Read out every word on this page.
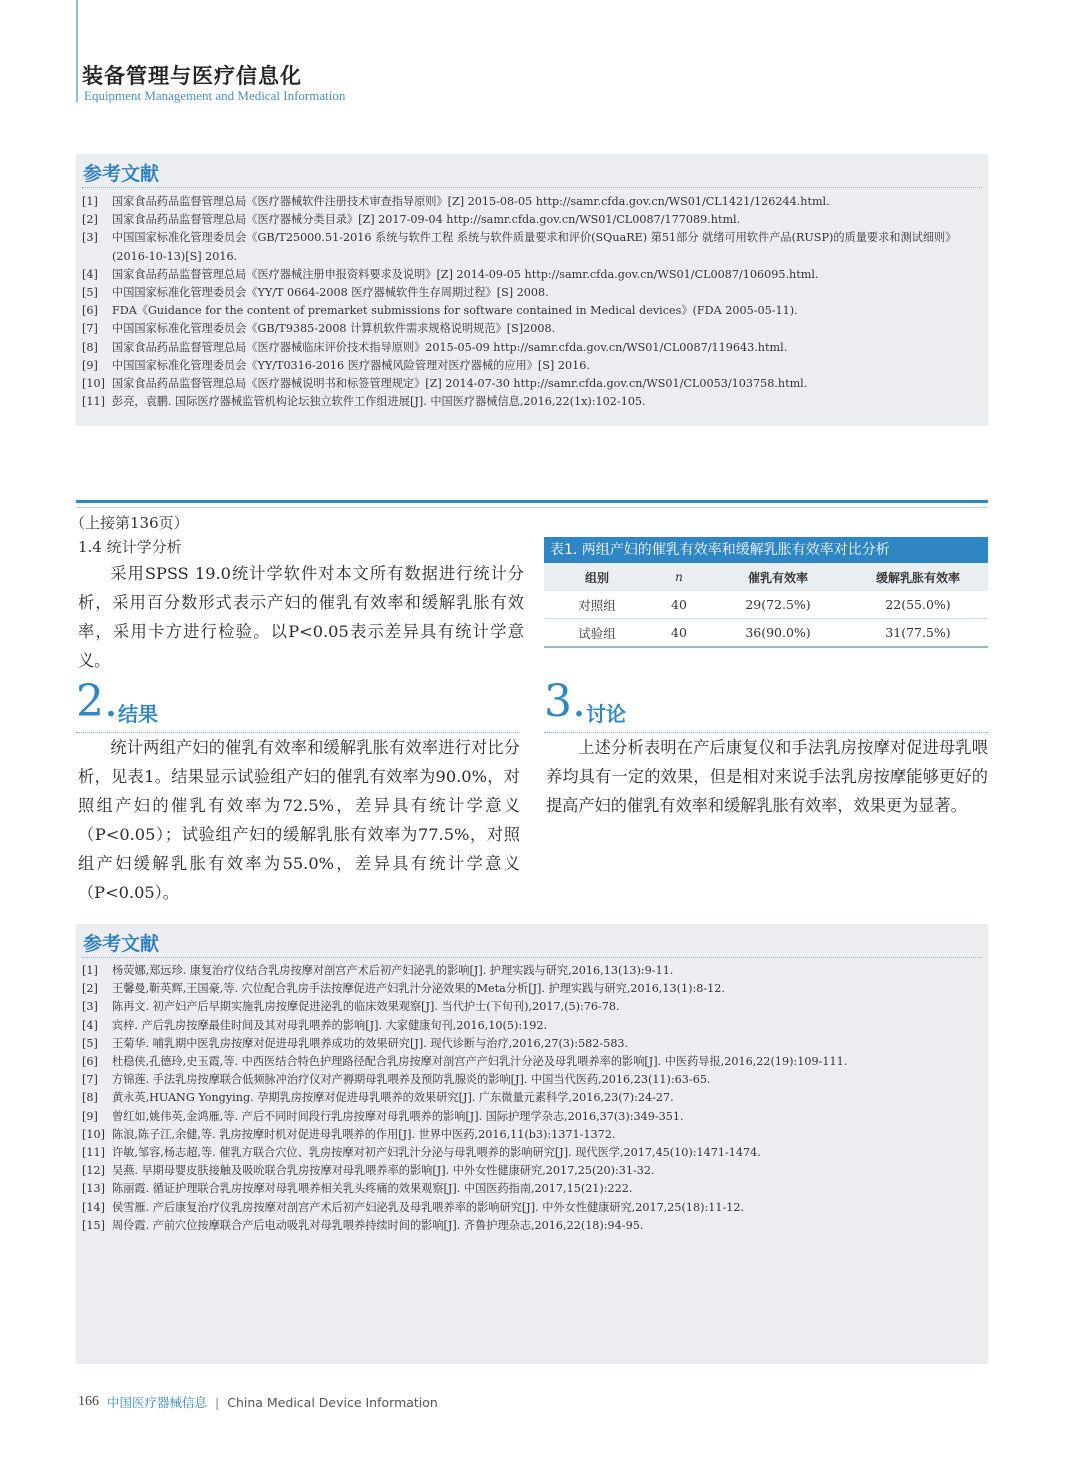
装备管理与医疗信息化
Equipment Management and Medical Information
参考文献
[1]	国家食品药品监督管理总局《医疗器械软件注册技术审查指导原则》[Z] 2015-08-05 http://samr.cfda.gov.cn/WS01/CL1421/126244.html.
[2]	国家食品药品监督管理总局《医疗器械分类目录》[Z] 2017-09-04 http://samr.cfda.gov.cn/WS01/CL0087/177089.html.
[3]	中国国家标准化管理委员会《GB/T25000.51-2016 系统与软件工程 系统与软件质量要求和评价(SQuaRE) 第51部分 就绪可用软件产品(RUSP)的质量要求和测试细则》(2016-10-13)[S] 2016.
[4]	国家食品药品监督管理总局《医疗器械注册申报资料要求及说明》[Z] 2014-09-05 http://samr.cfda.gov.cn/WS01/CL0087/106095.html.
[5]	中国国家标准化管理委员会《YY/T 0664-2008 医疗器械软件生存周期过程》[S] 2008.
[6]	FDA《Guidance for the content of premarket submissions for software contained in Medical devices》(FDA 2005-05-11).
[7]	中国国家标准化管理委员会《GB/T9385-2008 计算机软件需求规格说明规范》[S]2008.
[8]	国家食品药品监督管理总局《医疗器械临床评价技术指导原则》2015-05-09 http://samr.cfda.gov.cn/WS01/CL0087/119643.html.
[9]	中国国家标准化管理委员会《YY/T0316-2016 医疗器械风险管理对医疗器械的应用》[S] 2016.
[10] 国家食品药品监督管理总局《医疗器械说明书和标签管理规定》[Z] 2014-07-30 http://samr.cfda.gov.cn/WS01/CL0053/103758.html.
[11] 彭亮，袁鹏. 国际医疗器械监管机构论坛独立软件工作组进展[J]. 中国医疗器械信息,2016,22(1x):102-105.
（上接第136页）
1.4 统计学分析
采用SPSS 19.0统计学软件对本文所有数据进行统计分析，采用百分数形式表示产妇的催乳有效率和缓解乳胀有效率，采用卡方进行检验。以P<0.05表示差异具有统计学意义。
表1. 两组产妇的催乳有效率和缓解乳胀有效率对比分析
组别	n	催乳有效率	缓解乳胀有效率
对照组	40	29(72.5%)	22(55.0%)
试验组	40	36(90.0%)	31(77.5%)
2. 结果
统计两组产妇的催乳有效率和缓解乳胀有效率进行对比分析，见表1。结果显示试验组产妇的催乳有效率为90.0%，对照组产妇的催乳有效率为72.5%，差异具有统计学意义（P<0.05）；试验组产妇的缓解乳胀有效率为77.5%，对照组产妇缓解乳胀有效率为55.0%，差异具有统计学意义（P<0.05）。
3. 讨论
上述分析表明在产后康复仪和手法乳房按摩对促进母乳喂养均具有一定的效果，但是相对来说手法乳房按摩能够更好的提高产妇的催乳有效率和缓解乳胀有效率，效果更为显著。
参考文献
[1]	杨荧娜,郑远珍. 康复治疗仪结合乳房按摩对剖宫产术后初产妇泌乳的影响[J]. 护理实践与研究,2016,13(13):9-11.
[2]	王馨曼,靳英辉,王国豪,等. 穴位配合乳房手法按摩促进产妇乳汁分泌效果的Meta分析[J]. 护理实践与研究,2016,13(1):8-12.
[3]	陈再文. 初产妇产后早期实施乳房按摩促进泌乳的临床效果观察[J]. 当代护士(下旬刊),2017,(5):76-78.
[4]	宾梓. 产后乳房按摩最佳时间及其对母乳喂养的影响[J]. 大家健康旬刊,2016,10(5):192.
[5]	王菊华. 哺乳期中医乳房按摩对促进母乳喂养成功的效果研究[J]. 现代诊断与治疗,2016,27(3):582-583.
[6]	杜稳侠,孔德玲,史玉霞,等. 中西医结合特色护理路径配合乳房按摩对剖宫产产妇乳汁分泌及母乳喂养率的影响[J]. 中医药导报,2016,22(19):109-111.
[7]	方锦莲. 手法乳房按摩联合低频脉冲治疗仪对产褥期母乳喂养及预防乳腺炎的影响[J]. 中国当代医药,2016,23(11):63-65.
[8]	黄永英,HUANG Yongying. 孕期乳房按摩对促进母乳喂养的效果研究[J]. 广东微量元素科学,2016,23(7):24-27.
[9]	曾红如,姚伟英,金鸿雁,等. 产后不同时间段行乳房按摩对母乳喂养的影响[J]. 国际护理学杂志,2016,37(3):349-351.
[10] 陈浪,陈子江,余健,等. 乳房按摩时机对促进母乳喂养的作用[J]. 世界中医药,2016,11(b3):1371-1372.
[11] 许敏,邹容,杨志超,等. 催乳方联合穴位、乳房按摩对初产妇乳汁分泌与母乳喂养的影响研究[J]. 现代医学,2017,45(10):1471-1474.
[12] 吴燕. 早期母婴皮肤接触及吸吮联合乳房按摩对母乳喂养率的影响[J]. 中外女性健康研究,2017,25(20):31-32.
[13] 陈丽霞. 循证护理联合乳房按摩对母乳喂养相关乳头疼痛的效果观察[J]. 中国医药指南,2017,15(21):222.
[14] 侯雪雁. 产后康复治疗仪乳房按摩对剖宫产术后初产妇泌乳及母乳喂养率的影响研究[J]. 中外女性健康研究,2017,25(18):11-12.
[15] 周伶霞. 产前穴位按摩联合产后电动吸乳对母乳喂养持续时间的影响[J]. 齐鲁护理杂志,2016,22(18):94-95.
166 中国医疗器械信息 | China Medical Device Information
